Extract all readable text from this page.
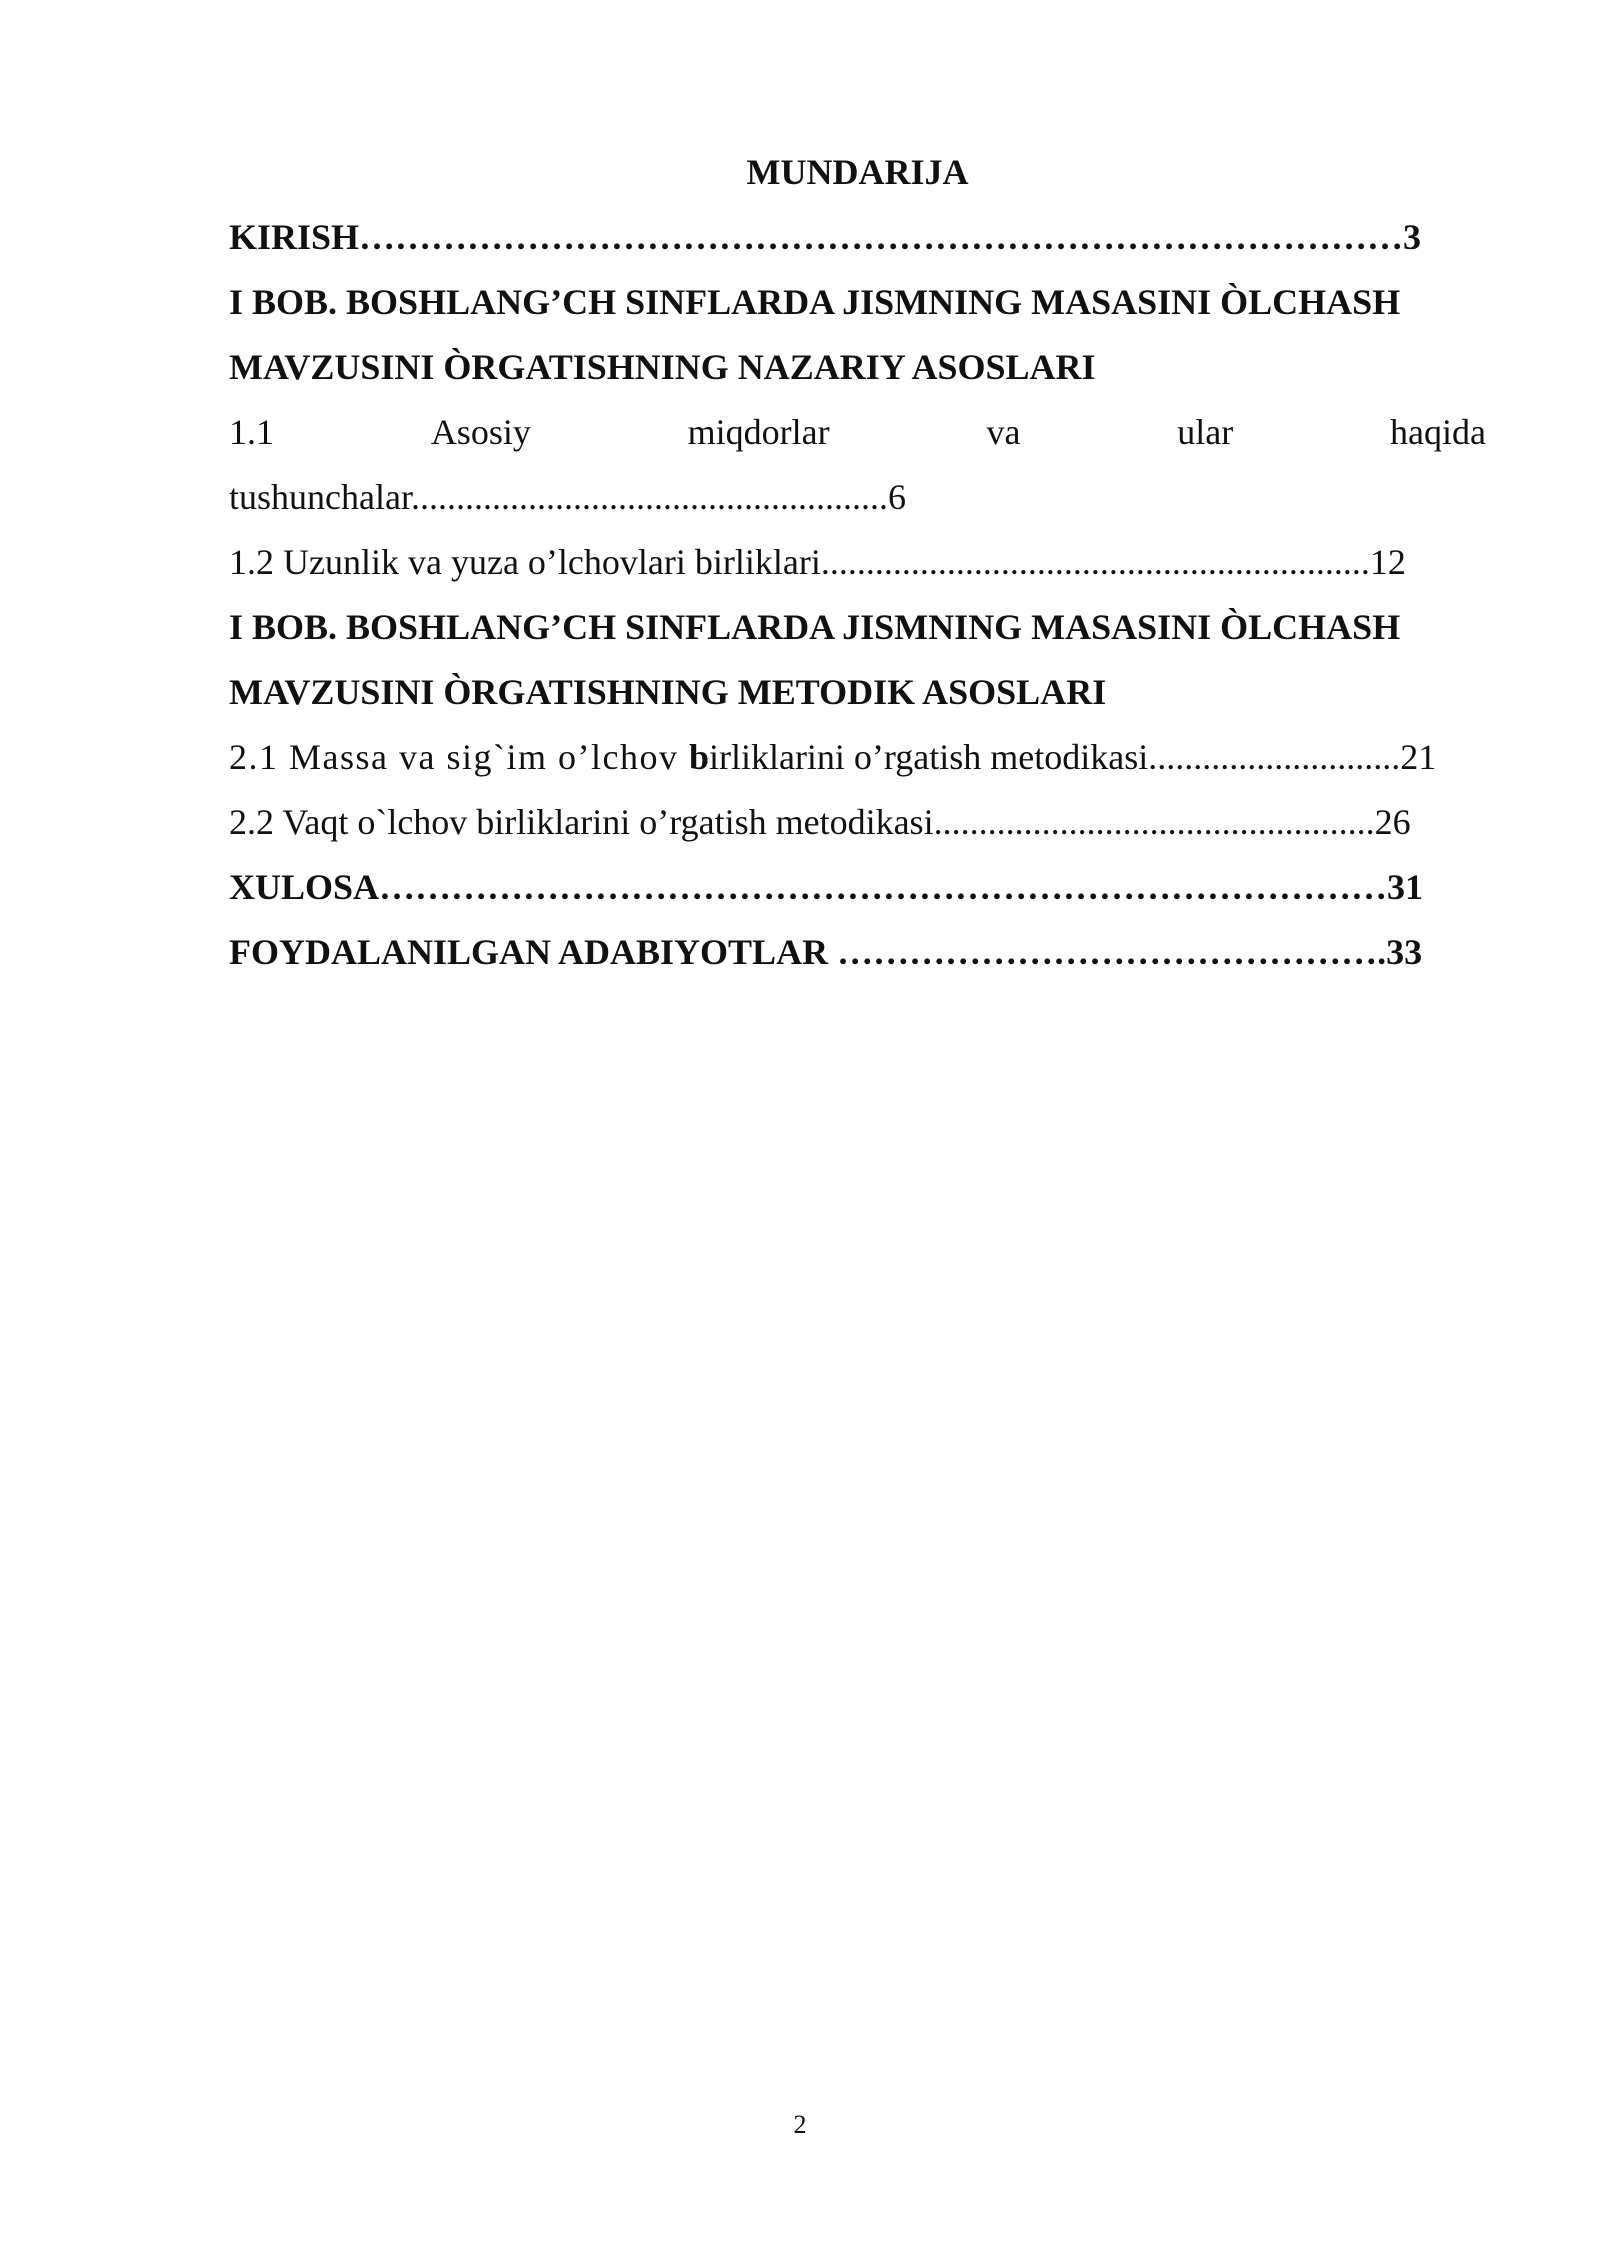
MUNDARIJA
KIRISH……………………………………………………………………………3
I BOB. BOSHLANG’CH SINFLARDA JISMNING MASASINI ÒLCHASH
MAVZUSINI ÒRGATISHNING NAZARIY ASOSLARI
1.1	Asosiy	miqdorlar	va	ular	haqida
tushunchalar.....................................................6
1.2 Uzunlik va yuza o’lchovlari birliklari.............................................................12
I BOB. BOSHLANG’CH SINFLARDA JISMNING MASASINI ÒLCHASH
MAVZUSINI ÒRGATISHNING METODIK ASOSLARI
2.1 Massa va sig`im o’lchov birliklarini o’rgatish metodikasi............................21
2.2 Vaqt o`lchov birliklarini o’rgatish metodikasi.................................................26
XULOSA…………………………………………………………………………31
FOYDALANILGAN ADABIYOTLAR ……………………………………….33
2
